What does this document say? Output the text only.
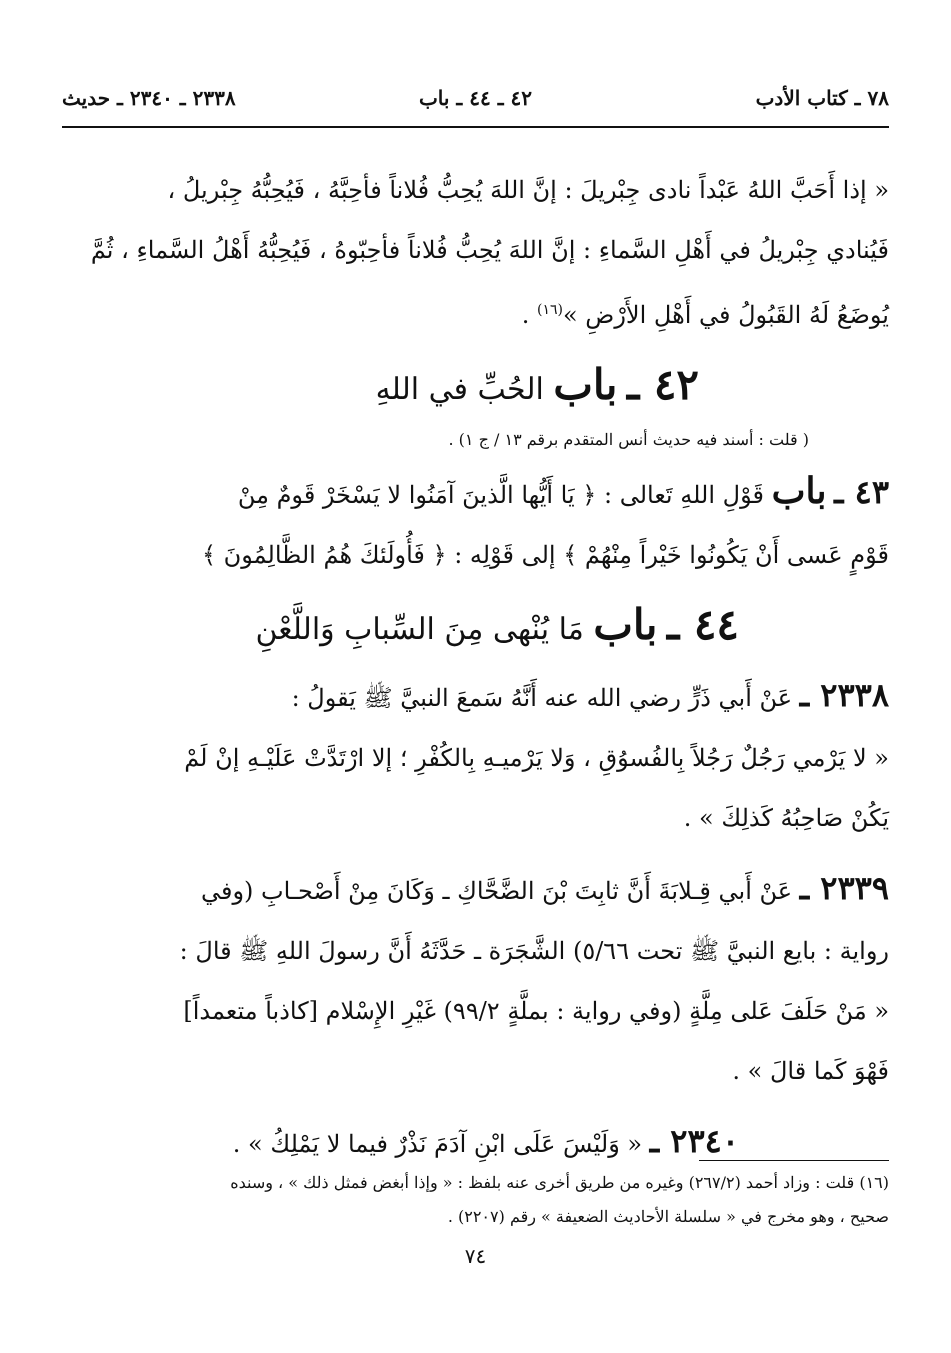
٧٨ ـ كتاب الأدب
٤٢ ـ ٤٤ ـ باب
٢٣٣٨ ـ ٢٣٤٠ ـ حديث

« إذا أَحَبَّ اللهُ عَبْداً نادى جِبْريلَ : إنَّ اللهَ يُحِبُّ فُلاناً فأحِبَّهُ ، فَيُحِبُّهُ جِبْريلُ ،

فَيُنادي جِبْريلُ في أَهْلِ السَّماءِ : إنَّ اللهَ يُحِبُّ فُلاناً فأحِبّوهُ ، فَيُحِبُّهُ أَهْلُ السَّماءِ ، ثُمَّ

يُوضَعُ لَهُ القَبُولُ في أَهْلِ الأَرْضِ »$^{(١٦)}$ .

٤٢ ـ باب الحُبِّ في اللهِ

( قلت : أسند فيه حديث أنس المتقدم برقم ١٣ / ج ١) .

٤٣ ـ باب قَوْلِ اللهِ تَعالى : ﴿ يَا أَيُّها الَّذينَ آمَنُوا لا يَسْخَرْ قَومٌ مِنْ

قَوْمٍ عَسى أَنْ يَكُونُوا خَيْراً مِنْهُمْ ﴾ إلى قَوْلِه : ﴿ فَأُولَئكَ هُمُ الظَّالِمُونَ ﴾

٤٤ ـ باب مَا يُنْهى مِنَ السِّبابِ وَاللَّعْنِ

٢٣٣٨ ـ عَنْ أَبي ذَرٍّ رضي الله عنه أَنَّهُ سَمعَ النبيَّ ﷺ يَقولُ :

« لا يَرْمي رَجُلٌ رَجُلاً بِالفُسوُقِ ، وَلا يَرْميـهِ بِالكُفْرِ ؛ إلا ارْتَدَّتْ عَلَيْـهِ إنْ لَمْ

يَكُنْ صَاحِبُهُ كَذلِكَ » .

٢٣٣٩ ـ عَنْ أَبي قِـلابَةَ أَنَّ ثابِتَ بْنَ الضَّحَّاكِ ـ وَكَانَ مِنْ أَصْحـابِ (وفي

رواية : بايع النبيَّ ﷺ تحت ٥/٦٦) الشَّجَرَة ـ حَدَّثَهُ أَنَّ رسولَ اللهِ ﷺ قالَ :

« مَنْ حَلَفَ عَلى مِلَّةٍ (وفي رواية : بملَّةٍ ٩٩/٢) غَيْرِ الإِسْلام [كاذباً متعمداً]

فَهْوَ كَما قالَ » .

٢٣٤٠ ـ « وَلَيْسَ عَلَى ابْنِ آدَمَ نَذْرٌ فيما لا يَمْلِكُ » .

(١٦) قلت : وزاد أحمد (٢٦٧/٢) وغيره من طريق أخرى عنه بلفظ : « وإذا أبغض فمثل ذلك » ، وسنده
صحيح ، وهو مخرج في « سلسلة الأحاديث الضعيفة » رقم (٢٢٠٧) .
٧٤
